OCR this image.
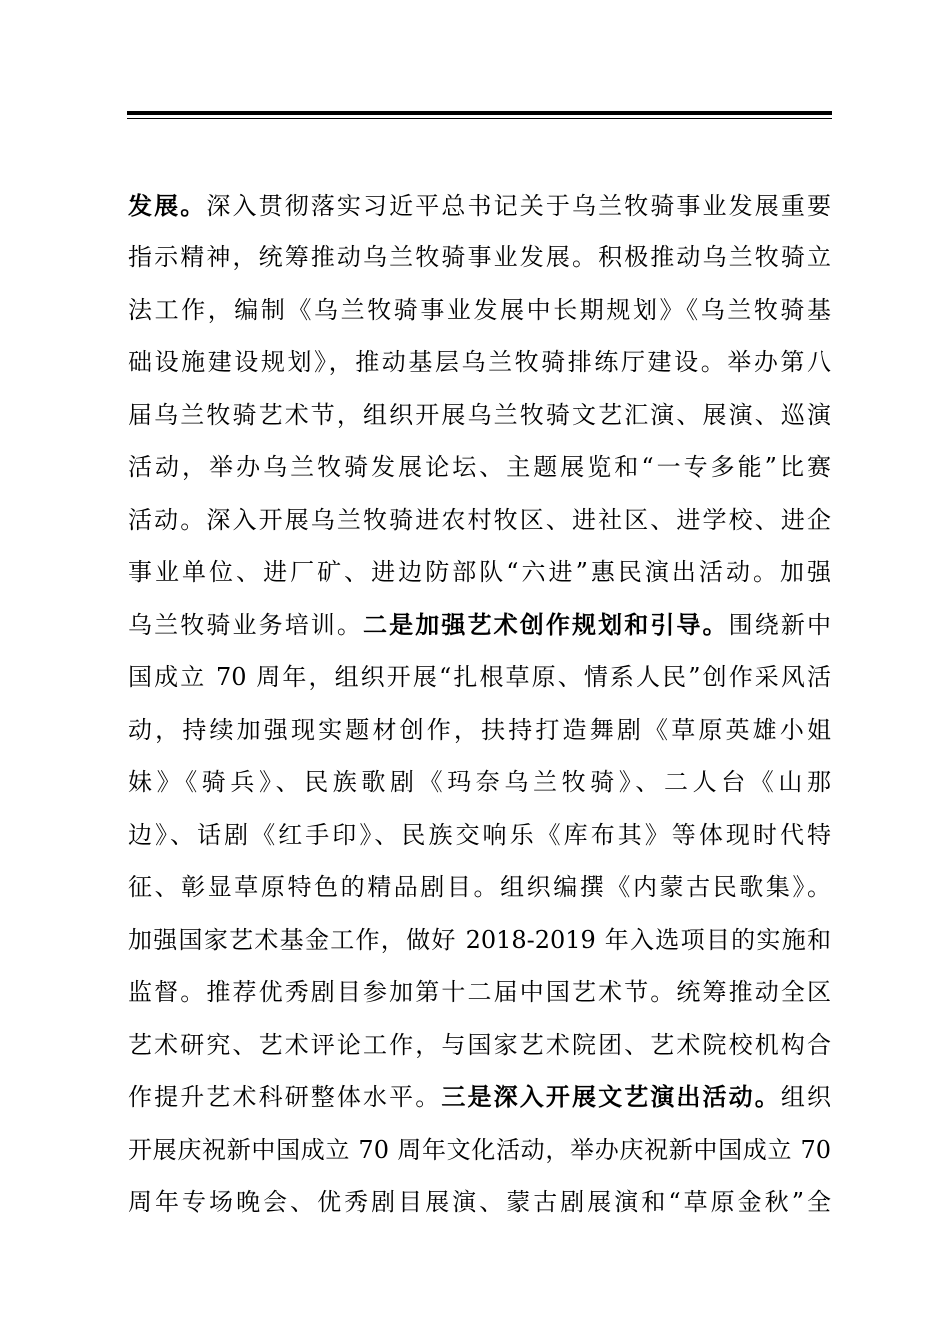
发展。深入贯彻落实习近平总书记关于乌兰牧骑事业发展重要
指示精神，统筹推动乌兰牧骑事业发展。积极推动乌兰牧骑立
法工作，编制《乌兰牧骑事业发展中长期规划》《乌兰牧骑基
础设施建设规划》，推动基层乌兰牧骑排练厅建设。举办第八
届乌兰牧骑艺术节，组织开展乌兰牧骑文艺汇演、展演、巡演
活动，举办乌兰牧骑发展论坛、主题展览和“一专多能”比赛
活动。深入开展乌兰牧骑进农村牧区、进社区、进学校、进企
事业单位、进厂矿、进边防部队“六进”惠民演出活动。加强
乌兰牧骑业务培训。二是加强艺术创作规划和引导。围绕新中
国成立 70 周年，组织开展“扎根草原、情系人民”创作采风活
动，持续加强现实题材创作，扶持打造舞剧《草原英雄小姐
妹》《骑兵》、民族歌剧《玛奈乌兰牧骑》、二人台《山那
边》、话剧《红手印》、民族交响乐《库布其》等体现时代特
征、彰显草原特色的精品剧目。组织编撰《内蒙古民歌集》。
加强国家艺术基金工作，做好 2018-2019 年入选项目的实施和
监督。推荐优秀剧目参加第十二届中国艺术节。统筹推动全区
艺术研究、艺术评论工作，与国家艺术院团、艺术院校机构合
作提升艺术科研整体水平。三是深入开展文艺演出活动。组织
开展庆祝新中国成立 70 周年文化活动，举办庆祝新中国成立 70
周年专场晚会、优秀剧目展演、蒙古剧展演和“草原金秋”全
